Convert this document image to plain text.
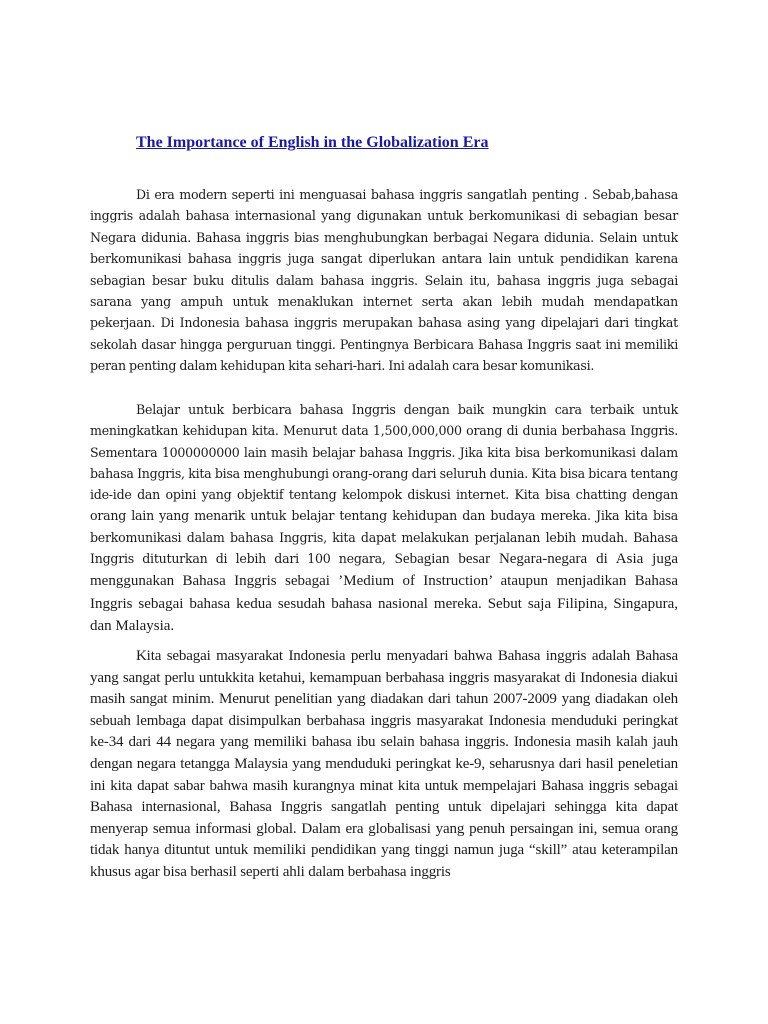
The Importance of English in the Globalization Era

Di era modern seperti ini menguasai bahasa inggris sangatlah penting . Sebab,bahasa inggris adalah bahasa internasional yang digunakan untuk berkomunikasi di sebagian besar Negara didunia. Bahasa inggris bias menghubungkan berbagai Negara didunia. Selain untuk berkomunikasi bahasa inggris juga sangat diperlukan antara lain untuk pendidikan karena sebagian besar buku ditulis dalam bahasa inggris. Selain itu, bahasa inggris juga sebagai sarana yang ampuh untuk menaklukan internet serta akan lebih mudah mendapatkan pekerjaan. Di Indonesia bahasa inggris merupakan bahasa asing yang dipelajari dari tingkat sekolah dasar hingga perguruan tinggi. Pentingnya Berbicara Bahasa Inggris saat ini memiliki peran penting dalam kehidupan kita sehari-hari. Ini adalah cara besar komunikasi.

Belajar untuk berbicara bahasa Inggris dengan baik mungkin cara terbaik untuk meningkatkan kehidupan kita. Menurut data 1,500,000,000 orang di dunia berbahasa Inggris. Sementara 1000000000 lain masih belajar bahasa Inggris. Jika kita bisa berkomunikasi dalam bahasa Inggris, kita bisa menghubungi orang-orang dari seluruh dunia. Kita bisa bicara tentang ide-ide dan opini yang objektif tentang kelompok diskusi internet. Kita bisa chatting dengan orang lain yang menarik untuk belajar tentang kehidupan dan budaya mereka. Jika kita bisa berkomunikasi dalam bahasa Inggris, kita dapat melakukan perjalanan lebih mudah. Bahasa Inggris dituturkan di lebih dari 100 negara, Sebagian besar Negara-negara di Asia juga menggunakan Bahasa Inggris sebagai ’Medium of Instruction’ ataupun menjadikan Bahasa Inggris sebagai bahasa kedua sesudah bahasa nasional mereka. Sebut saja Filipina, Singapura, dan Malaysia.

Kita sebagai masyarakat Indonesia perlu menyadari bahwa Bahasa inggris adalah Bahasa yang sangat perlu untukkita ketahui, kemampuan berbahasa inggris masyarakat di Indonesia diakui masih sangat minim. Menurut penelitian yang diadakan dari tahun 2007-2009 yang diadakan oleh sebuah lembaga dapat disimpulkan berbahasa inggris masyarakat Indonesia menduduki peringkat ke-34 dari 44 negara yang memiliki bahasa ibu selain bahasa inggris. Indonesia masih kalah jauh dengan negara tetangga Malaysia yang menduduki peringkat ke-9, seharusnya dari hasil peneletian ini kita dapat sabar bahwa masih kurangnya minat kita untuk mempelajari Bahasa inggris sebagai Bahasa internasional, Bahasa Inggris sangatlah penting untuk dipelajari sehingga kita dapat menyerap semua informasi global. Dalam era globalisasi yang penuh persaingan ini, semua orang tidak hanya dituntut untuk memiliki pendidikan yang tinggi namun juga “skill” atau keterampilan khusus agar bisa berhasil seperti ahli dalam berbahasa inggris
